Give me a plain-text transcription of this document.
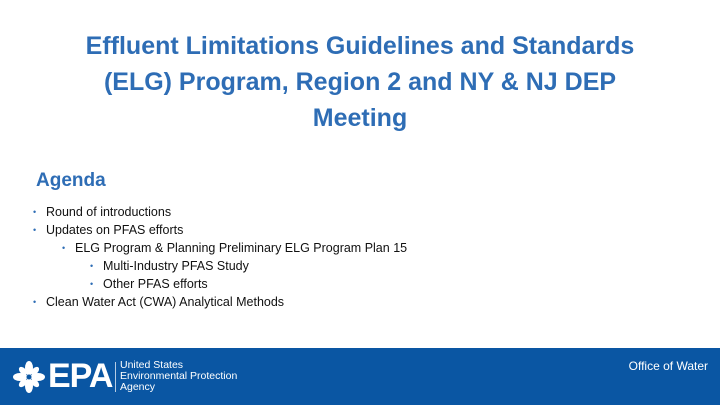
Effluent Limitations Guidelines and Standards
(ELG) Program, Region 2 and NY & NJ DEP
Meeting
Agenda
• Round of introductions
• Updates on PFAS efforts
• ELG Program & Planning Preliminary ELG Program Plan 15
• Multi-Industry PFAS Study
• Other PFAS efforts
• Clean Water Act (CWA) Analytical Methods
EPA United States
Environmental Protection
Agency
Office of Water
